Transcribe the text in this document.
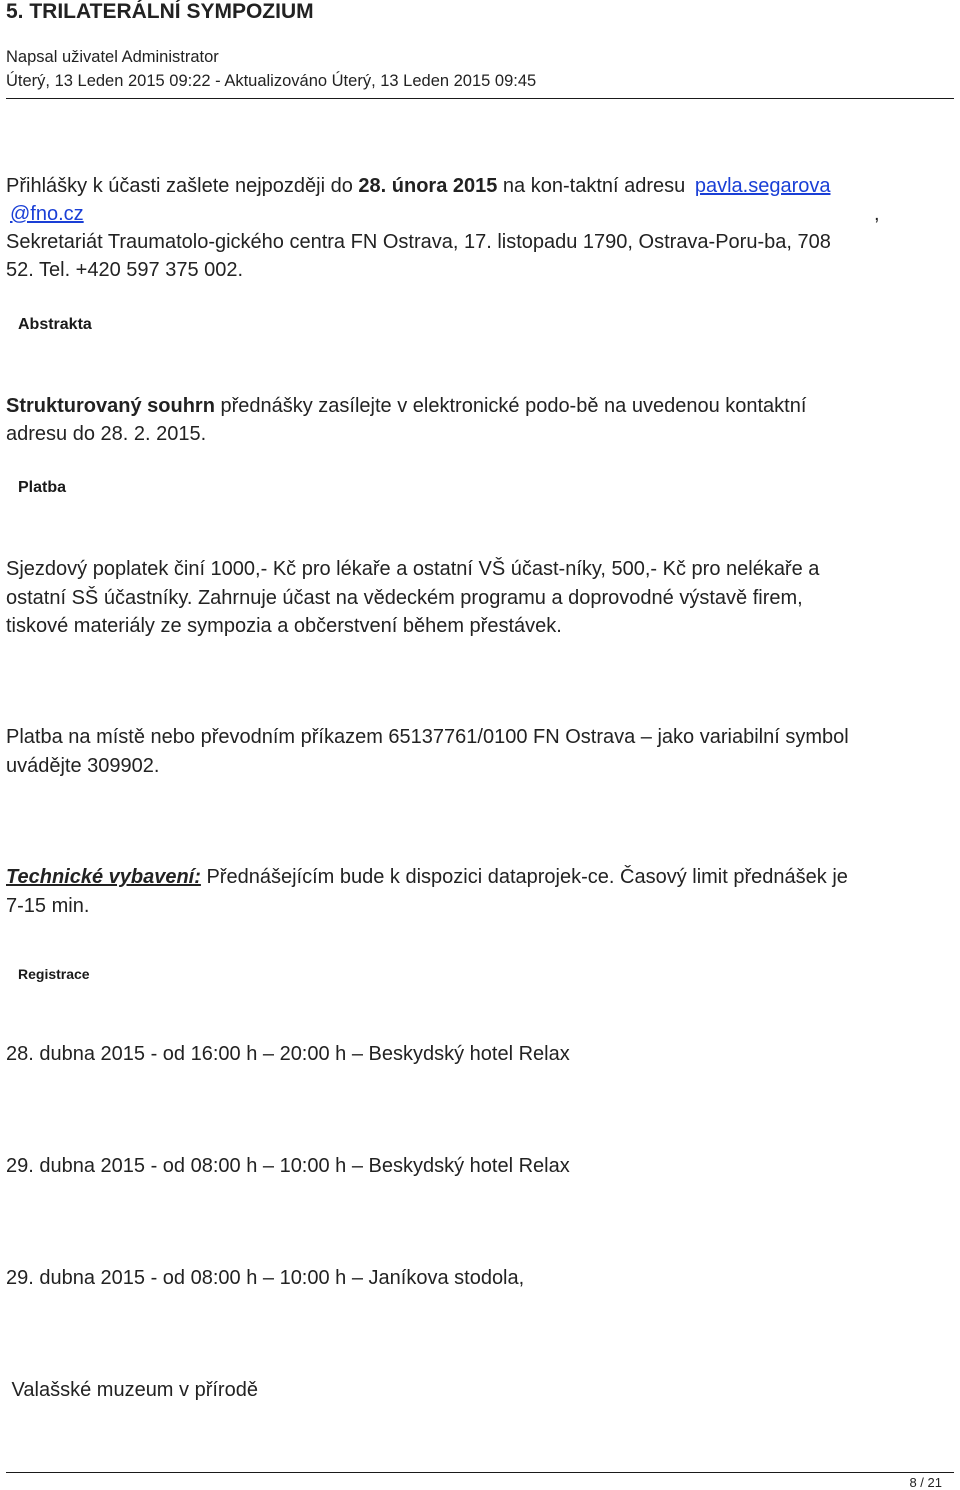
5. TRILATERÁLNÍ SYMPOZIUM
Napsal uživatel Administrator
Úterý, 13 Leden 2015 09:22 - Aktualizováno Úterý, 13 Leden 2015 09:45
Přihlášky k účasti zašlete nejpozději do 28. února 2015 na kon-taktní adresu pavla.segarova
@fno.cz	,
Sekretariát Traumatolo-gického centra FN Ostrava, 17. listopadu 1790, Ostrava-Poru-ba, 708
52. Tel. +420 597 375 002.
Abstrakta
Strukturovaný souhrn přednášky zasílejte v elektronické podo-bě na uvedenou kontaktní
adresu do 28. 2. 2015.
Platba
Sjezdový poplatek činí 1000,- Kč pro lékaře a ostatní VŠ účast-níky, 500,- Kč pro nelékaře a
ostatní SŠ účastníky. Zahrnuje účast na vědeckém programu a doprovodné výstavě firem,
tiskové materiály ze sympozia a občerstvení během přestávek.
Platba na místě nebo převodním příkazem 65137761/0100 FN Ostrava – jako variabilní symbol
uvádějte 309902.
Technické vybavení: Přednášejícím bude k dispozici dataprojek-ce. Časový limit přednášek je
7-15 min.
Registrace
28. dubna 2015 - od 16:00 h – 20:00 h – Beskydský hotel Relax
29. dubna 2015 - od 08:00 h – 10:00 h – Beskydský hotel Relax
29. dubna 2015 - od 08:00 h – 10:00 h – Janíkova stodola,
Valašské muzeum v přírodě
8 / 21
